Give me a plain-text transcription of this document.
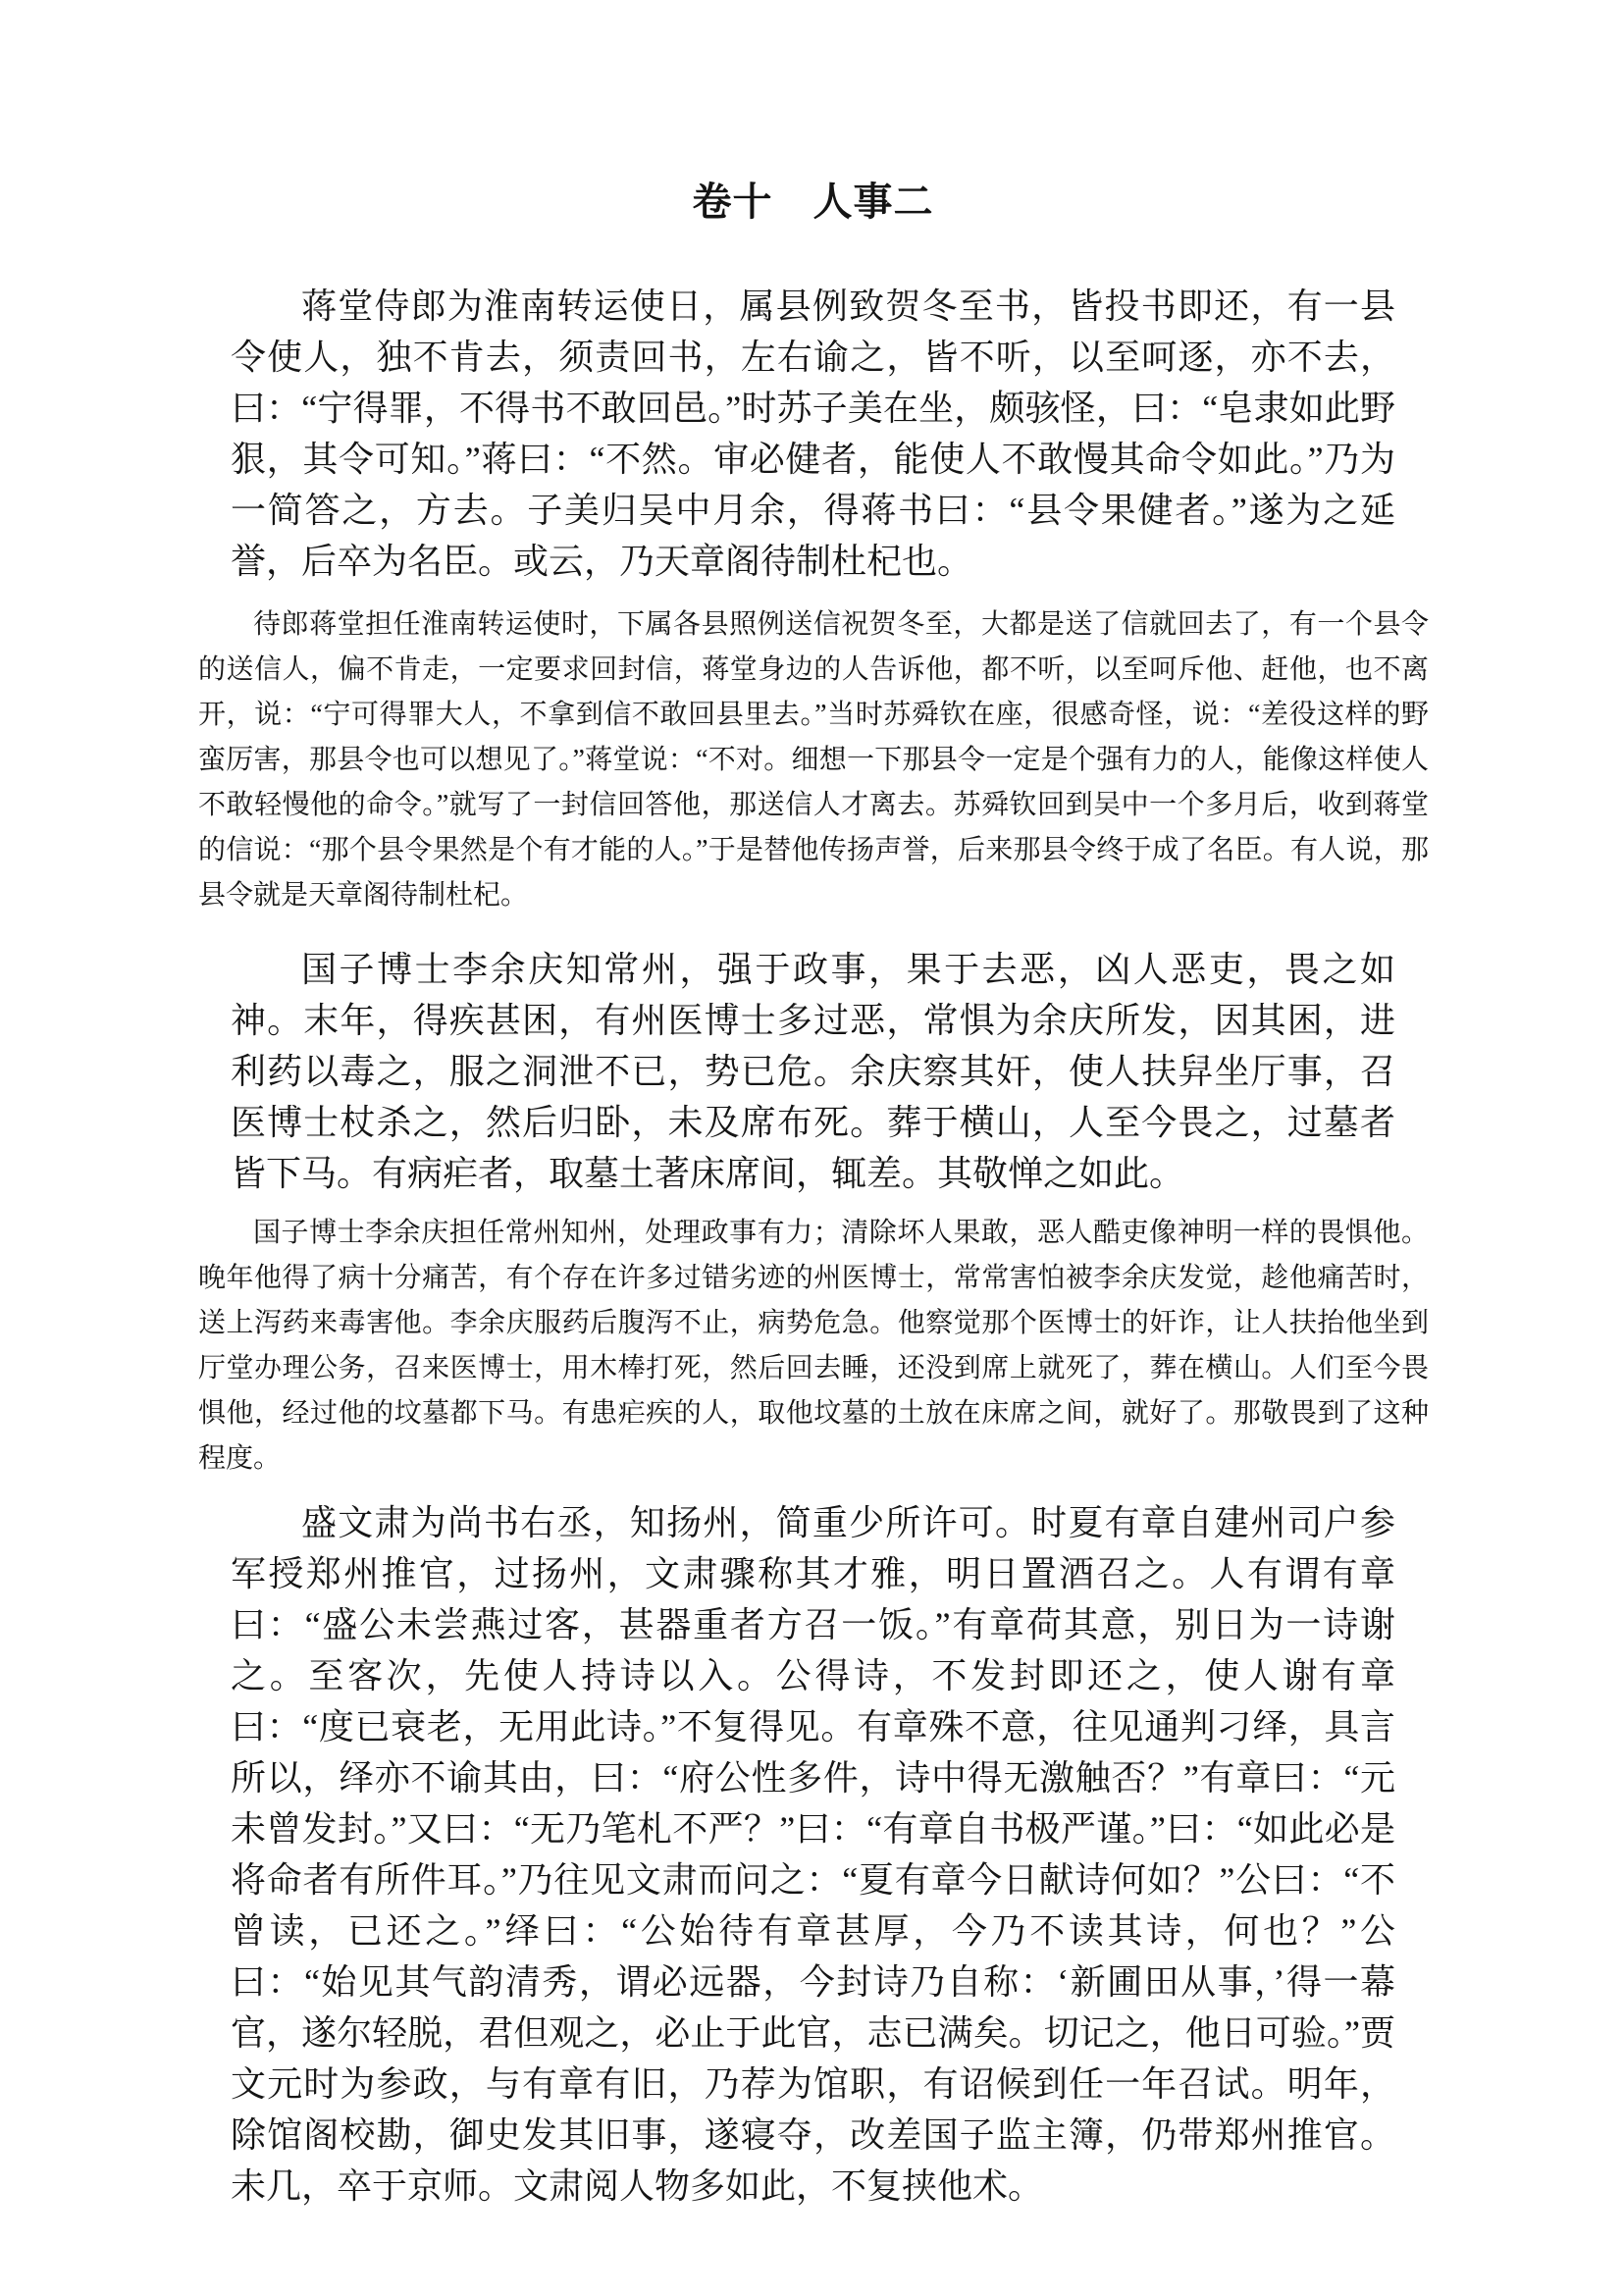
卷十　人事二

蒋堂侍郎为淮南转运使日，属县例致贺冬至书，皆投书即还，有一县令使人，独不肯去，须责回书，左右谕之，皆不听，以至呵逐，亦不去，曰：“宁得罪，不得书不敢回邑。”时苏子美在坐，颇骇怪，曰：“皂隶如此野狠，其令可知。”蒋曰：“不然。审必健者，能使人不敢慢其命令如此。”乃为一简答之，方去。子美归吴中月余，得蒋书曰：“县令果健者。”遂为之延誉，后卒为名臣。或云，乃天章阁待制杜杞也。

待郎蒋堂担任淮南转运使时，下属各县照例送信祝贺冬至，大都是送了信就回去了，有一个县令的送信人，偏不肯走，一定要求回封信，蒋堂身边的人告诉他，都不听，以至呵斥他、赶他，也不离开，说：“宁可得罪大人，不拿到信不敢回县里去。”当时苏舜钦在座，很感奇怪，说：“差役这样的野蛮厉害，那县令也可以想见了。”蒋堂说：“不对。细想一下那县令一定是个强有力的人，能像这样使人不敢轻慢他的命令。”就写了一封信回答他，那送信人才离去。苏舜钦回到吴中一个多月后，收到蒋堂的信说：“那个县令果然是个有才能的人。”于是替他传扬声誉，后来那县令终于成了名臣。有人说，那县令就是天章阁待制杜杞。

国子博士李余庆知常州，强于政事，果于去恶，凶人恶吏，畏之如神。末年，得疾甚困，有州医博士多过恶，常惧为余庆所发，因其困，进利药以毒之，服之洞泄不已，势已危。余庆察其奸，使人扶舁坐厅事，召医博士杖杀之，然后归卧，未及席布死。葬于横山，人至今畏之，过墓者皆下马。有病疟者，取墓土著床席间，辄差。其敬惮之如此。

国子博士李余庆担任常州知州，处理政事有力；清除坏人果敢，恶人酷吏像神明一样的畏惧他。晚年他得了病十分痛苦，有个存在许多过错劣迹的州医博士，常常害怕被李余庆发觉，趁他痛苦时，送上泻药来毒害他。李余庆服药后腹泻不止，病势危急。他察觉那个医博士的奸诈，让人扶抬他坐到厅堂办理公务，召来医博士，用木棒打死，然后回去睡，还没到席上就死了，葬在横山。人们至今畏惧他，经过他的坟墓都下马。有患疟疾的人，取他坟墓的土放在床席之间，就好了。那敬畏到了这种程度。

盛文肃为尚书右丞，知扬州，简重少所许可。时夏有章自建州司户参军授郑州推官，过扬州，文肃骤称其才雅，明日置酒召之。人有谓有章曰：“盛公未尝燕过客，甚器重者方召一饭。”有章荷其意，别日为一诗谢之。至客次，先使人持诗以入。公得诗，不发封即还之，使人谢有章曰：“度已衰老，无用此诗。”不复得见。有章殊不意，往见通判刁绎，具言所以，绎亦不谕其由，曰：“府公性多件，诗中得无激触否？”有章曰：“元未曾发封。”又曰：“无乃笔札不严？”曰：“有章自书极严谨。”曰：“如此必是将命者有所件耳。”乃往见文肃而问之：“夏有章今日献诗何如？”公曰：“不曾读，已还之。”绎曰：“公始待有章甚厚，今乃不读其诗，何也？”公曰：“始见其气韵清秀，谓必远器，今封诗乃自称：‘新圃田从事，’得一幕官，遂尔轻脱，君但观之，必止于此官，志已满矣。切记之，他日可验。”贾文元时为参政，与有章有旧，乃荐为馆职，有诏候到任一年召试。明年，除馆阁校勘，御史发其旧事，遂寝夺，改差国子监主簿，仍带郑州推官。未几，卒于京师。文肃阅人物多如此，不复挟他术。
